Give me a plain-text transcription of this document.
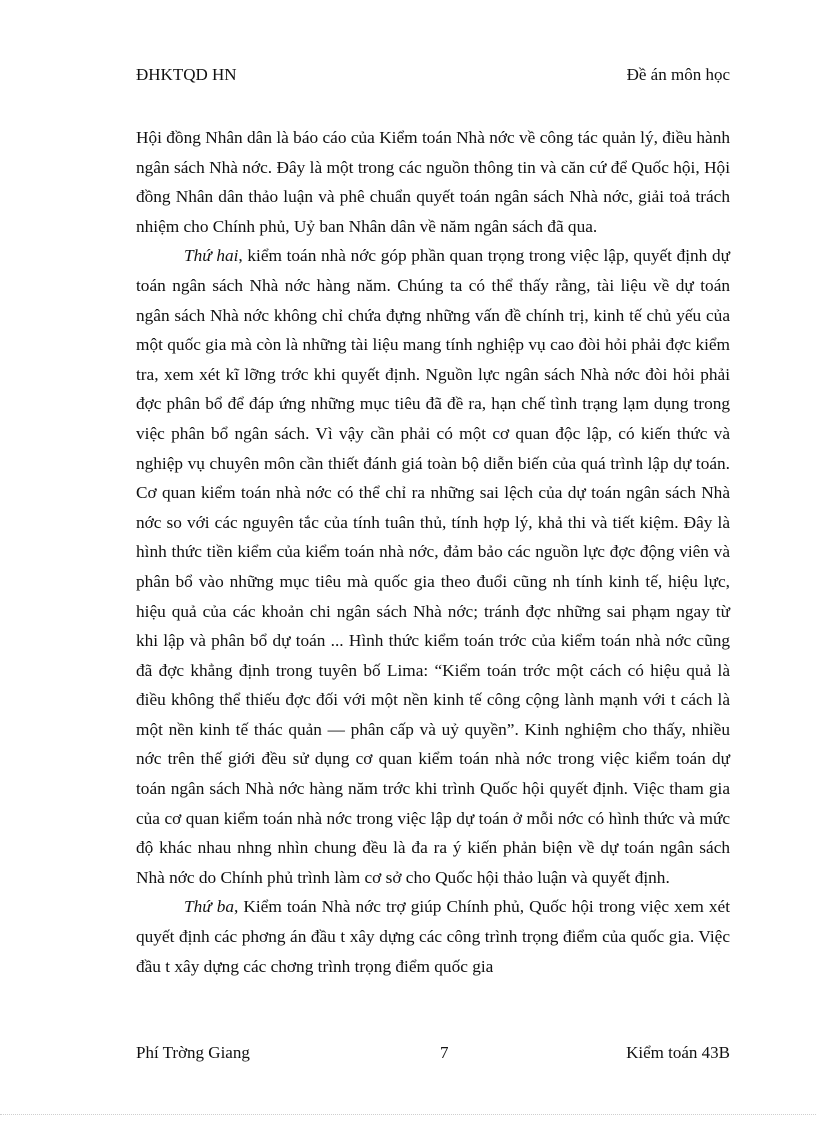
ĐHKTQD HN	Đề án môn học

Hội đồng Nhân dân là báo cáo của Kiểm toán Nhà nớc về công tác quản lý, điều hành ngân sách Nhà nớc. Đây là một trong các nguồn thông tin và căn cứ để Quốc hội, Hội đồng Nhân dân thảo luận và phê chuẩn quyết toán ngân sách Nhà nớc, giải toả trách nhiệm cho Chính phủ, Uỷ ban Nhân dân về năm ngân sách đã qua.

Thứ hai, kiểm toán nhà nớc góp phần quan trọng trong việc lập, quyết định dự toán ngân sách Nhà nớc hàng năm. Chúng ta có thể thấy rằng, tài liệu về dự toán ngân sách Nhà nớc không chỉ chứa đựng những vấn đề chính trị, kinh tế chủ yếu của một quốc gia mà còn là những tài liệu mang tính nghiệp vụ cao đòi hỏi phải đợc kiểm tra, xem xét kĩ lỡng trớc khi quyết định. Nguồn lực ngân sách Nhà nớc đòi hỏi phải đợc phân bổ để đáp ứng những mục tiêu đã đề ra, hạn chế tình trạng lạm dụng trong việc phân bổ ngân sách. Vì vậy cần phải có một cơ quan độc lập, có kiến thức và nghiệp vụ chuyên môn cần thiết đánh giá toàn bộ diễn biến của quá trình lập dự toán. Cơ quan kiểm toán nhà nớc có thể chỉ ra những sai lệch của dự toán ngân sách Nhà nớc so với các nguyên tắc của tính tuân thủ, tính hợp lý, khả thi và tiết kiệm. Đây là hình thức tiền kiểm của kiểm toán nhà nớc, đảm bảo các nguồn lực đợc động viên và phân bổ vào những mục tiêu mà quốc gia theo đuổi cũng nh tính kinh tế, hiệu lực, hiệu quả của các khoản chi ngân sách Nhà nớc; tránh đợc những sai phạm ngay từ khi lập và phân bổ dự toán ... Hình thức kiểm toán trớc của kiểm toán nhà nớc cũng đã đợc khẳng định trong tuyên bố Lima: “Kiểm toán trớc một cách có hiệu quả là điều không thể thiếu đợc đối với một nền kinh tế công cộng lành mạnh với t cách là một nền kinh tế thác quản — phân cấp và uỷ quyền”. Kinh nghiệm cho thấy, nhiều nớc trên thế giới đều sử dụng cơ quan kiểm toán nhà nớc trong việc kiểm toán dự toán ngân sách Nhà nớc hàng năm trớc khi trình Quốc hội quyết định. Việc tham gia của cơ quan kiểm toán nhà nớc trong việc lập dự toán ở mỗi nớc có hình thức và mức độ khác nhau nhng nhìn chung đều là đa ra ý kiến phản biện về dự toán ngân sách Nhà nớc do Chính phủ trình làm cơ sở cho Quốc hội thảo luận và quyết định.

Thứ ba, Kiểm toán Nhà nớc trợ giúp Chính phủ, Quốc hội trong việc xem xét quyết định các phơng án đầu t xây dựng các công trình trọng điểm của quốc gia. Việc đầu t xây dựng các chơng trình trọng điểm quốc gia

Phí Trờng Giang	7	Kiểm toán 43B
